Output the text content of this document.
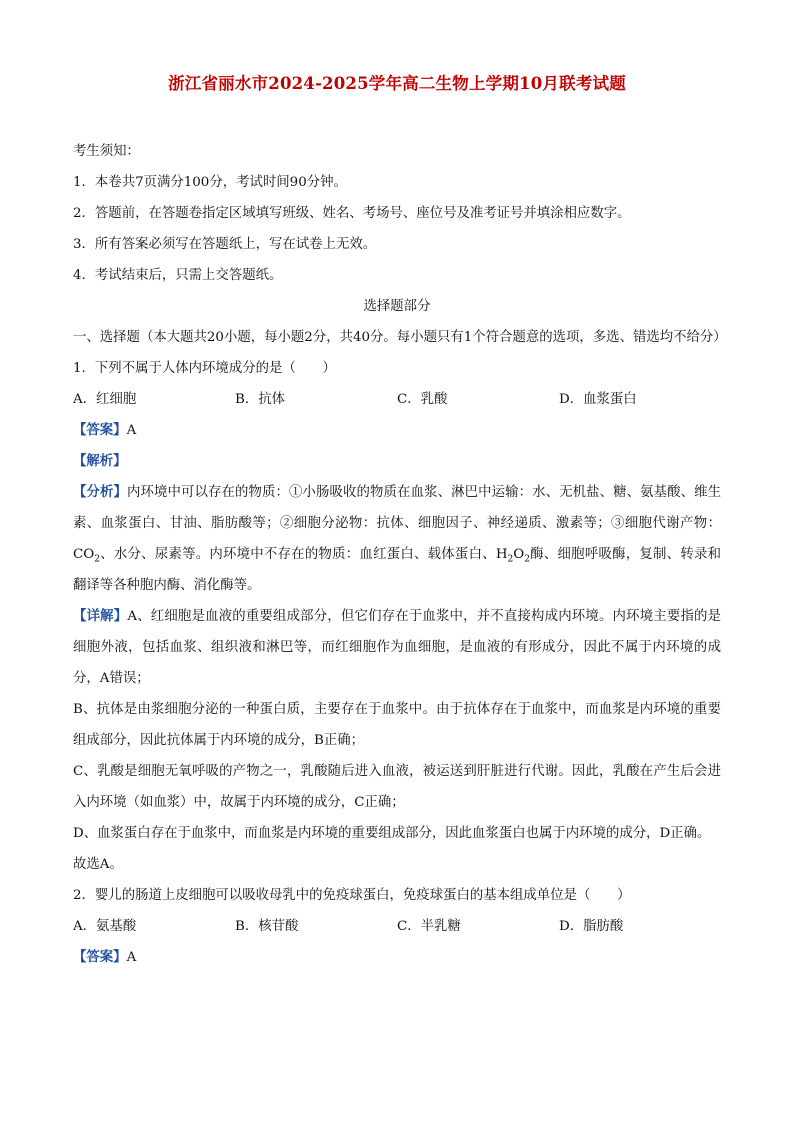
浙江省丽水市2024-2025学年高二生物上学期10月联考试题
考生须知：
1．本卷共7页满分100分，考试时间90分钟。
2．答题前，在答题卷指定区域填写班级、姓名、考场号、座位号及准考证号并填涂相应数字。
3．所有答案必须写在答题纸上，写在试卷上无效。
4．考试结束后，只需上交答题纸。
选择题部分
一、选择题（本大题共20小题，每小题2分，共40分。每小题只有1个符合题意的选项，多选、错选均不给分）
1．下列不属于人体内环境成分的是（　　）
A．红细胞	B．抗体	C．乳酸	D．血浆蛋白
【答案】A
【解析】
【分析】内环境中可以存在的物质：①小肠吸收的物质在血浆、淋巴中运输：水、无机盐、糖、氨基酸、维生素、血浆蛋白、甘油、脂肪酸等；②细胞分泌物：抗体、细胞因子、神经递质、激素等；③细胞代谢产物：$CO_2$、水分、尿素等。内环境中不存在的物质：血红蛋白、载体蛋白、$H_2O_2$酶、细胞呼吸酶，复制、转录和翻译等各种胞内酶、消化酶等。
【详解】A、红细胞是血液的重要组成部分，但它们存在于血浆中，并不直接构成内环境。内环境主要指的是细胞外液，包括血浆、组织液和淋巴等，而红细胞作为血细胞，是血液的有形成分，因此不属于内环境的成分，A错误；
B、抗体是由浆细胞分泌的一种蛋白质，主要存在于血浆中。由于抗体存在于血浆中，而血浆是内环境的重要组成部分，因此抗体属于内环境的成分，B正确；
C、乳酸是细胞无氧呼吸的产物之一，乳酸随后进入血液，被运送到肝脏进行代谢。因此，乳酸在产生后会进入内环境（如血浆）中，故属于内环境的成分，C正确；
D、血浆蛋白存在于血浆中，而血浆是内环境的重要组成部分，因此血浆蛋白也属于内环境的成分，D正确。
故选A。
2．婴儿的肠道上皮细胞可以吸收母乳中的免疫球蛋白，免疫球蛋白的基本组成单位是（　　）
A．氨基酸	B．核苷酸	C．半乳糖	D．脂肪酸
【答案】A
